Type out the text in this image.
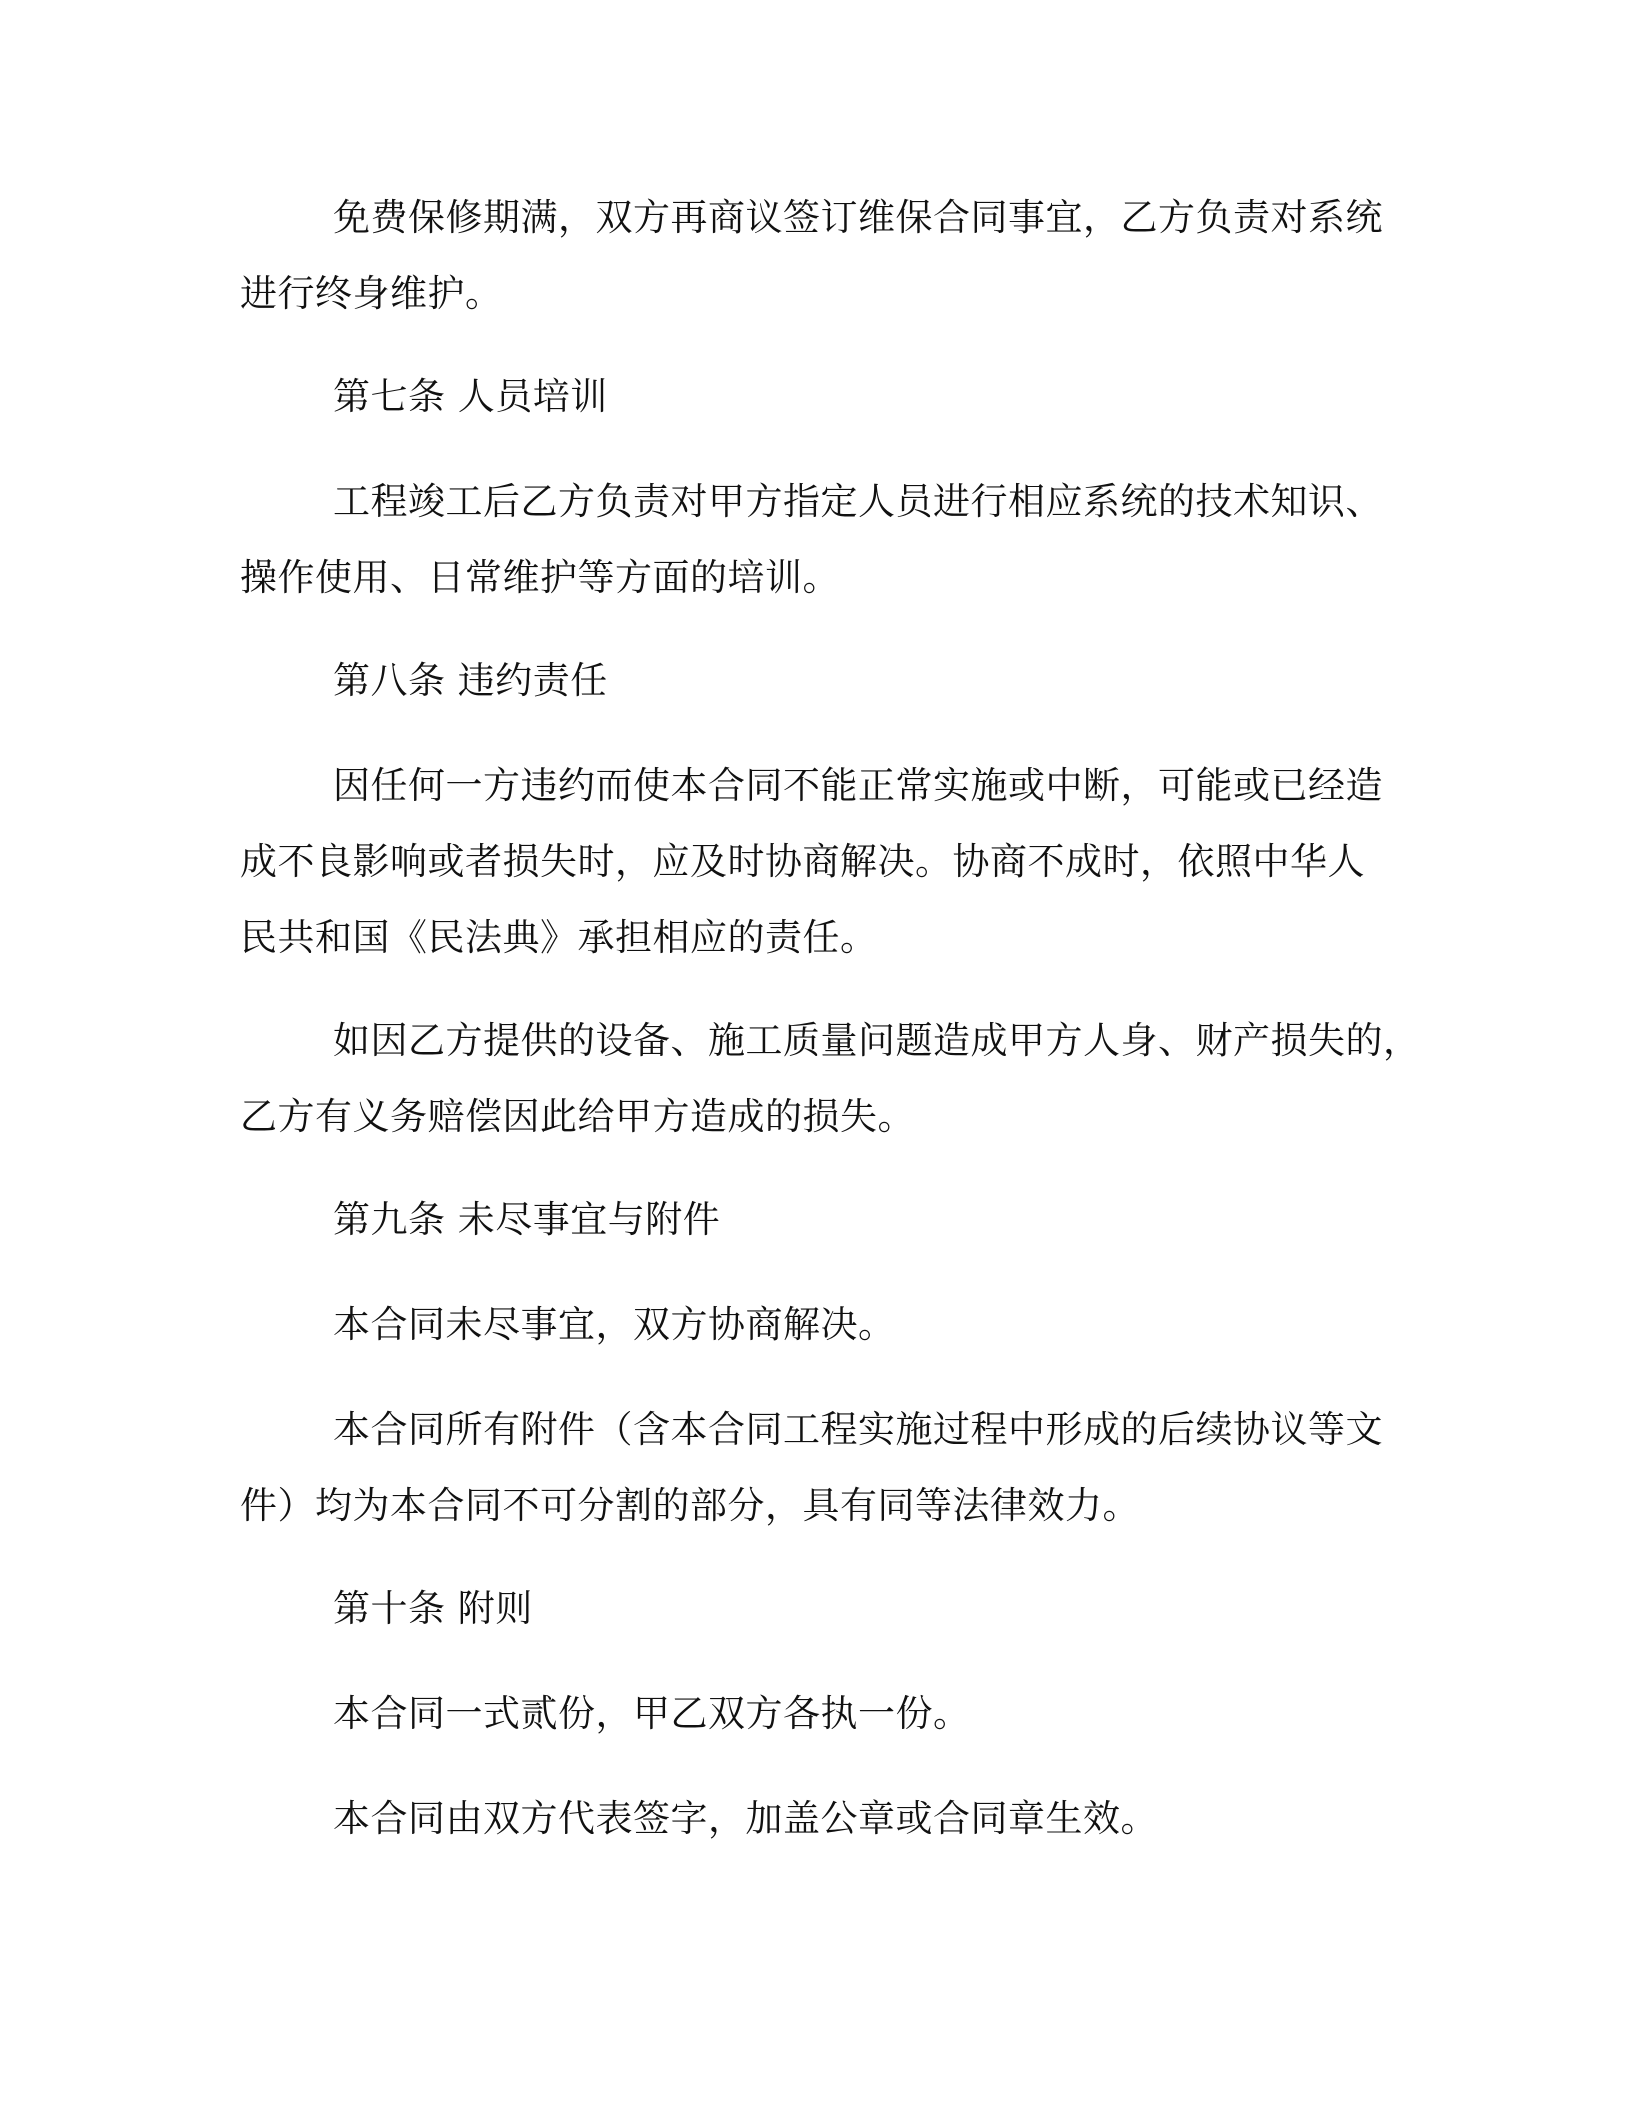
免费保修期满，双方再商议签订维保合同事宜，乙方负责对系统
进行终身维护。
第七条 人员培训
工程竣工后乙方负责对甲方指定人员进行相应系统的技术知识、
操作使用、日常维护等方面的培训。
第八条 违约责任
因任何一方违约而使本合同不能正常实施或中断，可能或已经造
成不良影响或者损失时，应及时协商解决。协商不成时，依照中华人
民共和国《民法典》承担相应的责任。
如因乙方提供的设备、施工质量问题造成甲方人身、财产损失的，
乙方有义务赔偿因此给甲方造成的损失。
第九条 未尽事宜与附件
本合同未尽事宜，双方协商解决。
本合同所有附件（含本合同工程实施过程中形成的后续协议等文
件）均为本合同不可分割的部分，具有同等法律效力。
第十条 附则
本合同一式贰份，甲乙双方各执一份。
本合同由双方代表签字，加盖公章或合同章生效。
